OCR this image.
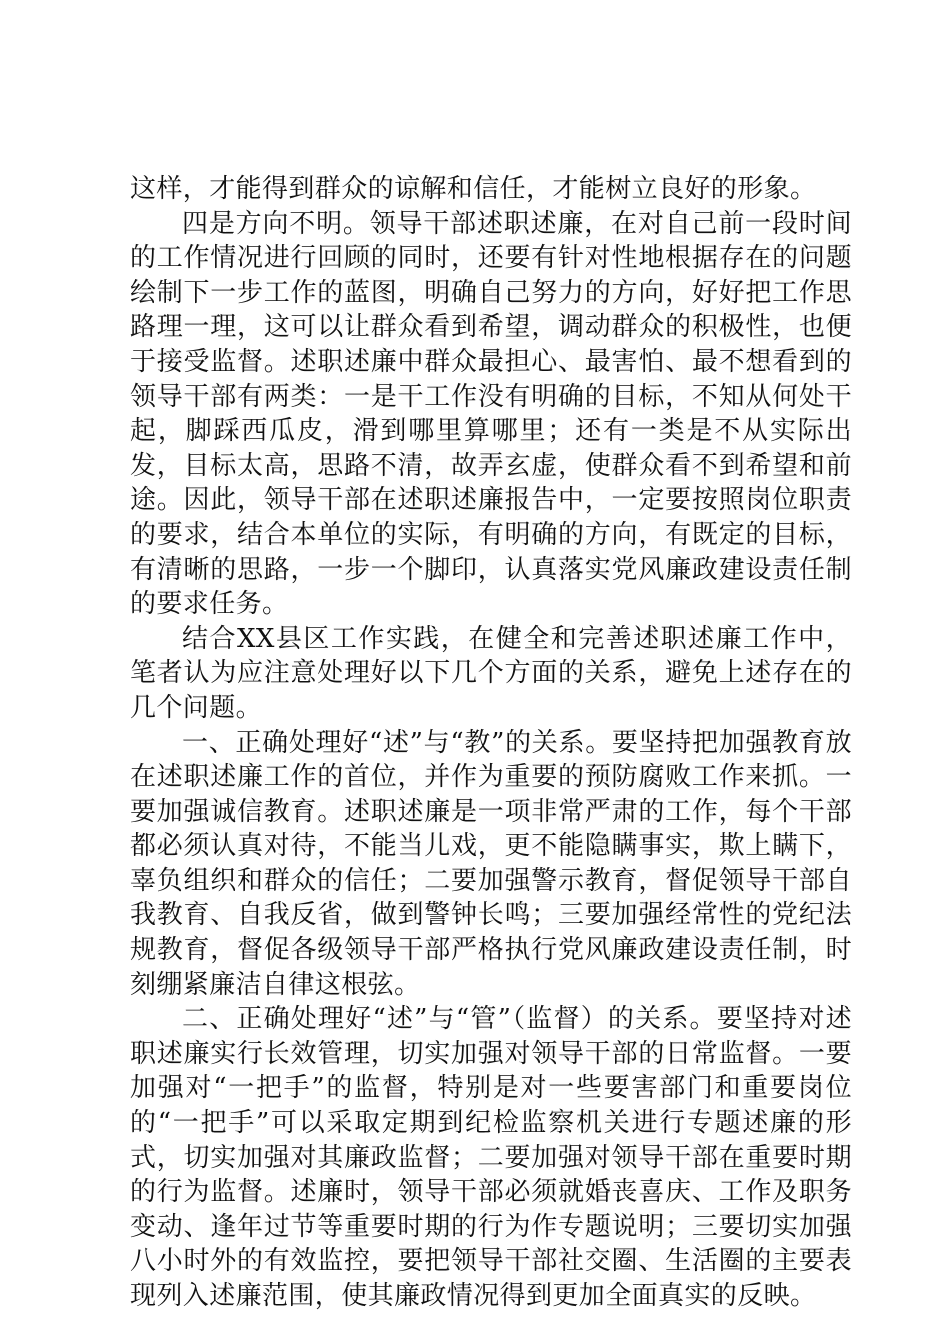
这样，才能得到群众的谅解和信任，才能树立良好的形象。

四是方向不明。领导干部述职述廉，在对自己前一段时间的工作情况进行回顾的同时，还要有针对性地根据存在的问题绘制下一步工作的蓝图，明确自己努力的方向，好好把工作思路理一理，这可以让群众看到希望，调动群众的积极性，也便于接受监督。述职述廉中群众最担心、最害怕、最不想看到的领导干部有两类：一是干工作没有明确的目标，不知从何处干起，脚踩西瓜皮，滑到哪里算哪里；还有一类是不从实际出发，目标太高，思路不清，故弄玄虚，使群众看不到希望和前途。因此，领导干部在述职述廉报告中，一定要按照岗位职责的要求，结合本单位的实际，有明确的方向，有既定的目标，有清晰的思路，一步一个脚印，认真落实党风廉政建设责任制的要求任务。

结合XX县区工作实践，在健全和完善述职述廉工作中，笔者认为应注意处理好以下几个方面的关系，避免上述存在的几个问题。

一、正确处理好“述”与“教”的关系。要坚持把加强教育放在述职述廉工作的首位，并作为重要的预防腐败工作来抓。一要加强诚信教育。述职述廉是一项非常严肃的工作，每个干部都必须认真对待，不能当儿戏，更不能隐瞒事实，欺上瞒下，辜负组织和群众的信任；二要加强警示教育，督促领导干部自我教育、自我反省，做到警钟长鸣；三要加强经常性的党纪法规教育，督促各级领导干部严格执行党风廉政建设责任制，时刻绷紧廉洁自律这根弦。

二、正确处理好“述”与“管”（监督）的关系。要坚持对述职述廉实行长效管理，切实加强对领导干部的日常监督。一要加强对“一把手”的监督，特别是对一些要害部门和重要岗位的“一把手”可以采取定期到纪检监察机关进行专题述廉的形式，切实加强对其廉政监督；二要加强对领导干部在重要时期的行为监督。述廉时，领导干部必须就婚丧喜庆、工作及职务变动、逢年过节等重要时期的行为作专题说明；三要切实加强八小时外的有效监控，要把领导干部社交圈、生活圈的主要表现列入述廉范围，使其廉政情况得到更加全面真实的反映。
